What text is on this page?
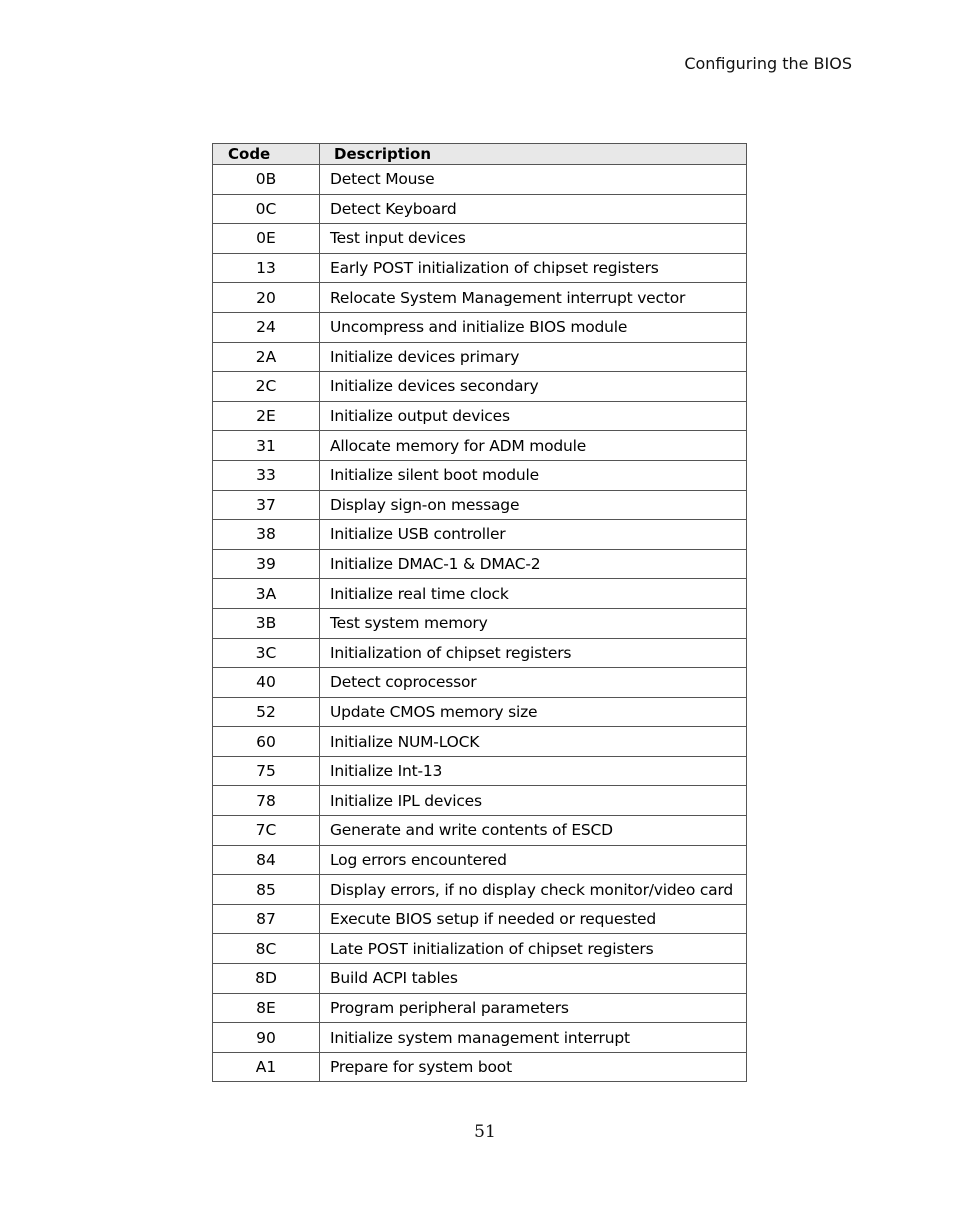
Configuring the BIOS
Code	Description
0B	Detect Mouse
0C	Detect Keyboard
0E	Test input devices
13	Early POST initialization of chipset registers
20	Relocate System Management interrupt vector
24	Uncompress and initialize BIOS module
2A	Initialize devices primary
2C	Initialize devices secondary
2E	Initialize output devices
31	Allocate memory for ADM module
33	Initialize silent boot module
37	Display sign-on message
38	Initialize USB controller
39	Initialize DMAC-1 & DMAC-2
3A	Initialize real time clock
3B	Test system memory
3C	Initialization of chipset registers
40	Detect coprocessor
52	Update CMOS memory size
60	Initialize NUM-LOCK
75	Initialize Int-13
78	Initialize IPL devices
7C	Generate and write contents of ESCD
84	Log errors encountered
85	Display errors, if no display check monitor/video card
87	Execute BIOS setup if needed or requested
8C	Late POST initialization of chipset registers
8D	Build ACPI tables
8E	Program peripheral parameters
90	Initialize system management interrupt
A1	Prepare for system boot
51
